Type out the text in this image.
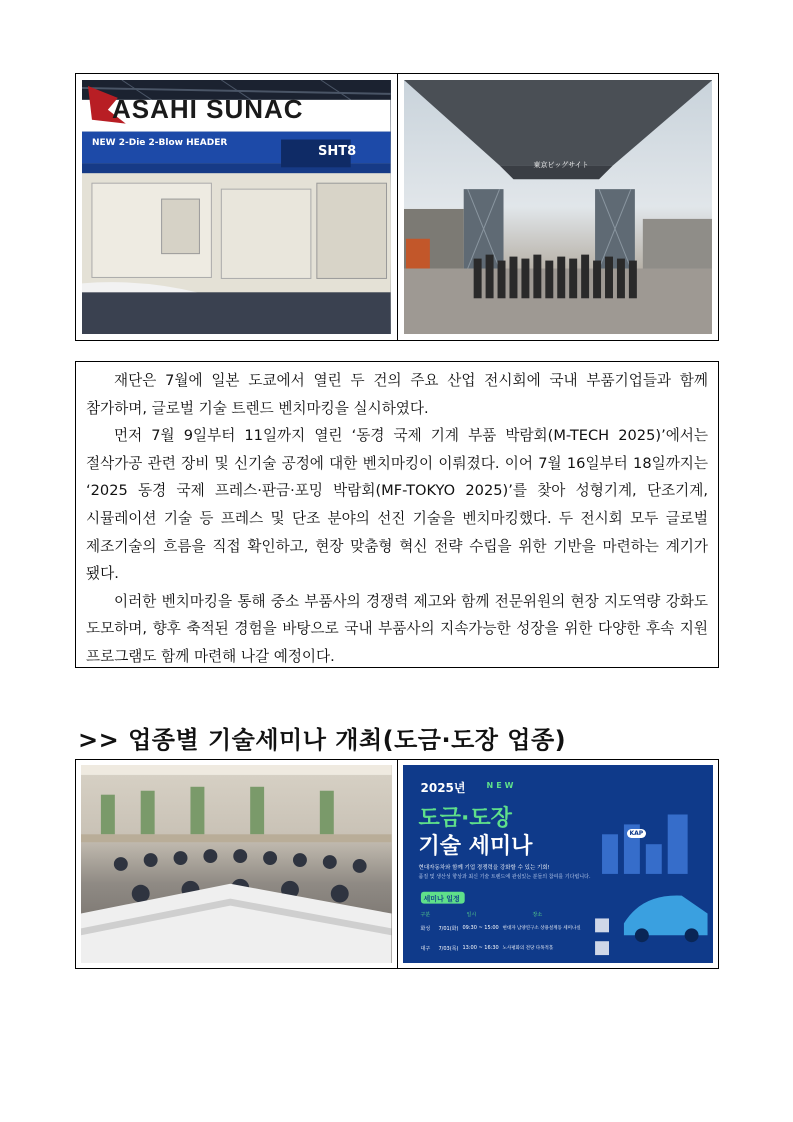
ASAHI SUNAC
NEW 2-Die 2-Blow HEADER
SHT8
東京ビッグサイト

재단은 7월에 일본 도쿄에서 열린 두 건의 주요 산업 전시회에 국내 부품기업들과 함께 참가하며, 글로벌 기술 트렌드 벤치마킹을 실시하였다.

먼저 7월 9일부터 11일까지 열린 ‘동경 국제 기계 부품 박람회(M-TECH 2025)’에서는 절삭가공 관련 장비 및 신기술 공정에 대한 벤치마킹이 이뤄졌다. 이어 7월 16일부터 18일까지는 ‘2025 동경 국제 프레스·판금·포밍 박람회(MF-TOKYO 2025)’를 찾아 성형기계, 단조기계, 시뮬레이션 기술 등 프레스 및 단조 분야의 선진 기술을 벤치마킹했다. 두 전시회 모두 글로벌 제조기술의 흐름을 직접 확인하고, 현장 맞춤형 혁신 전략 수립을 위한 기반을 마련하는 계기가 됐다.

이러한 벤치마킹을 통해 중소 부품사의 경쟁력 제고와 함께 전문위원의 현장 지도역량 강화도 도모하며, 향후 축적된 경험을 바탕으로 국내 부품사의 지속가능한 성장을 위한 다양한 후속 지원 프로그램도 함께 마련해 나갈 예정이다.

>> 업종별 기술세미나 개최(도금·도장 업종)
2025년	NEW
도금·도장
기술 세미나
현대자동차와 함께 기업 경쟁력을 강화할 수 있는 기회!
품질 및 생산성 향상과 최신 기술 트렌드에 관심있는 분들의 참여를 기다립니다.
세미나 일정
구분	일시	장소
화성 7/01(화) 09:30 ~ 15:00 현대자 남양연구소 상용설계동 세미나실
대구 7/03(목) 13:00 ~ 16:30 노사평화의 전당 다목적홀
KAP
